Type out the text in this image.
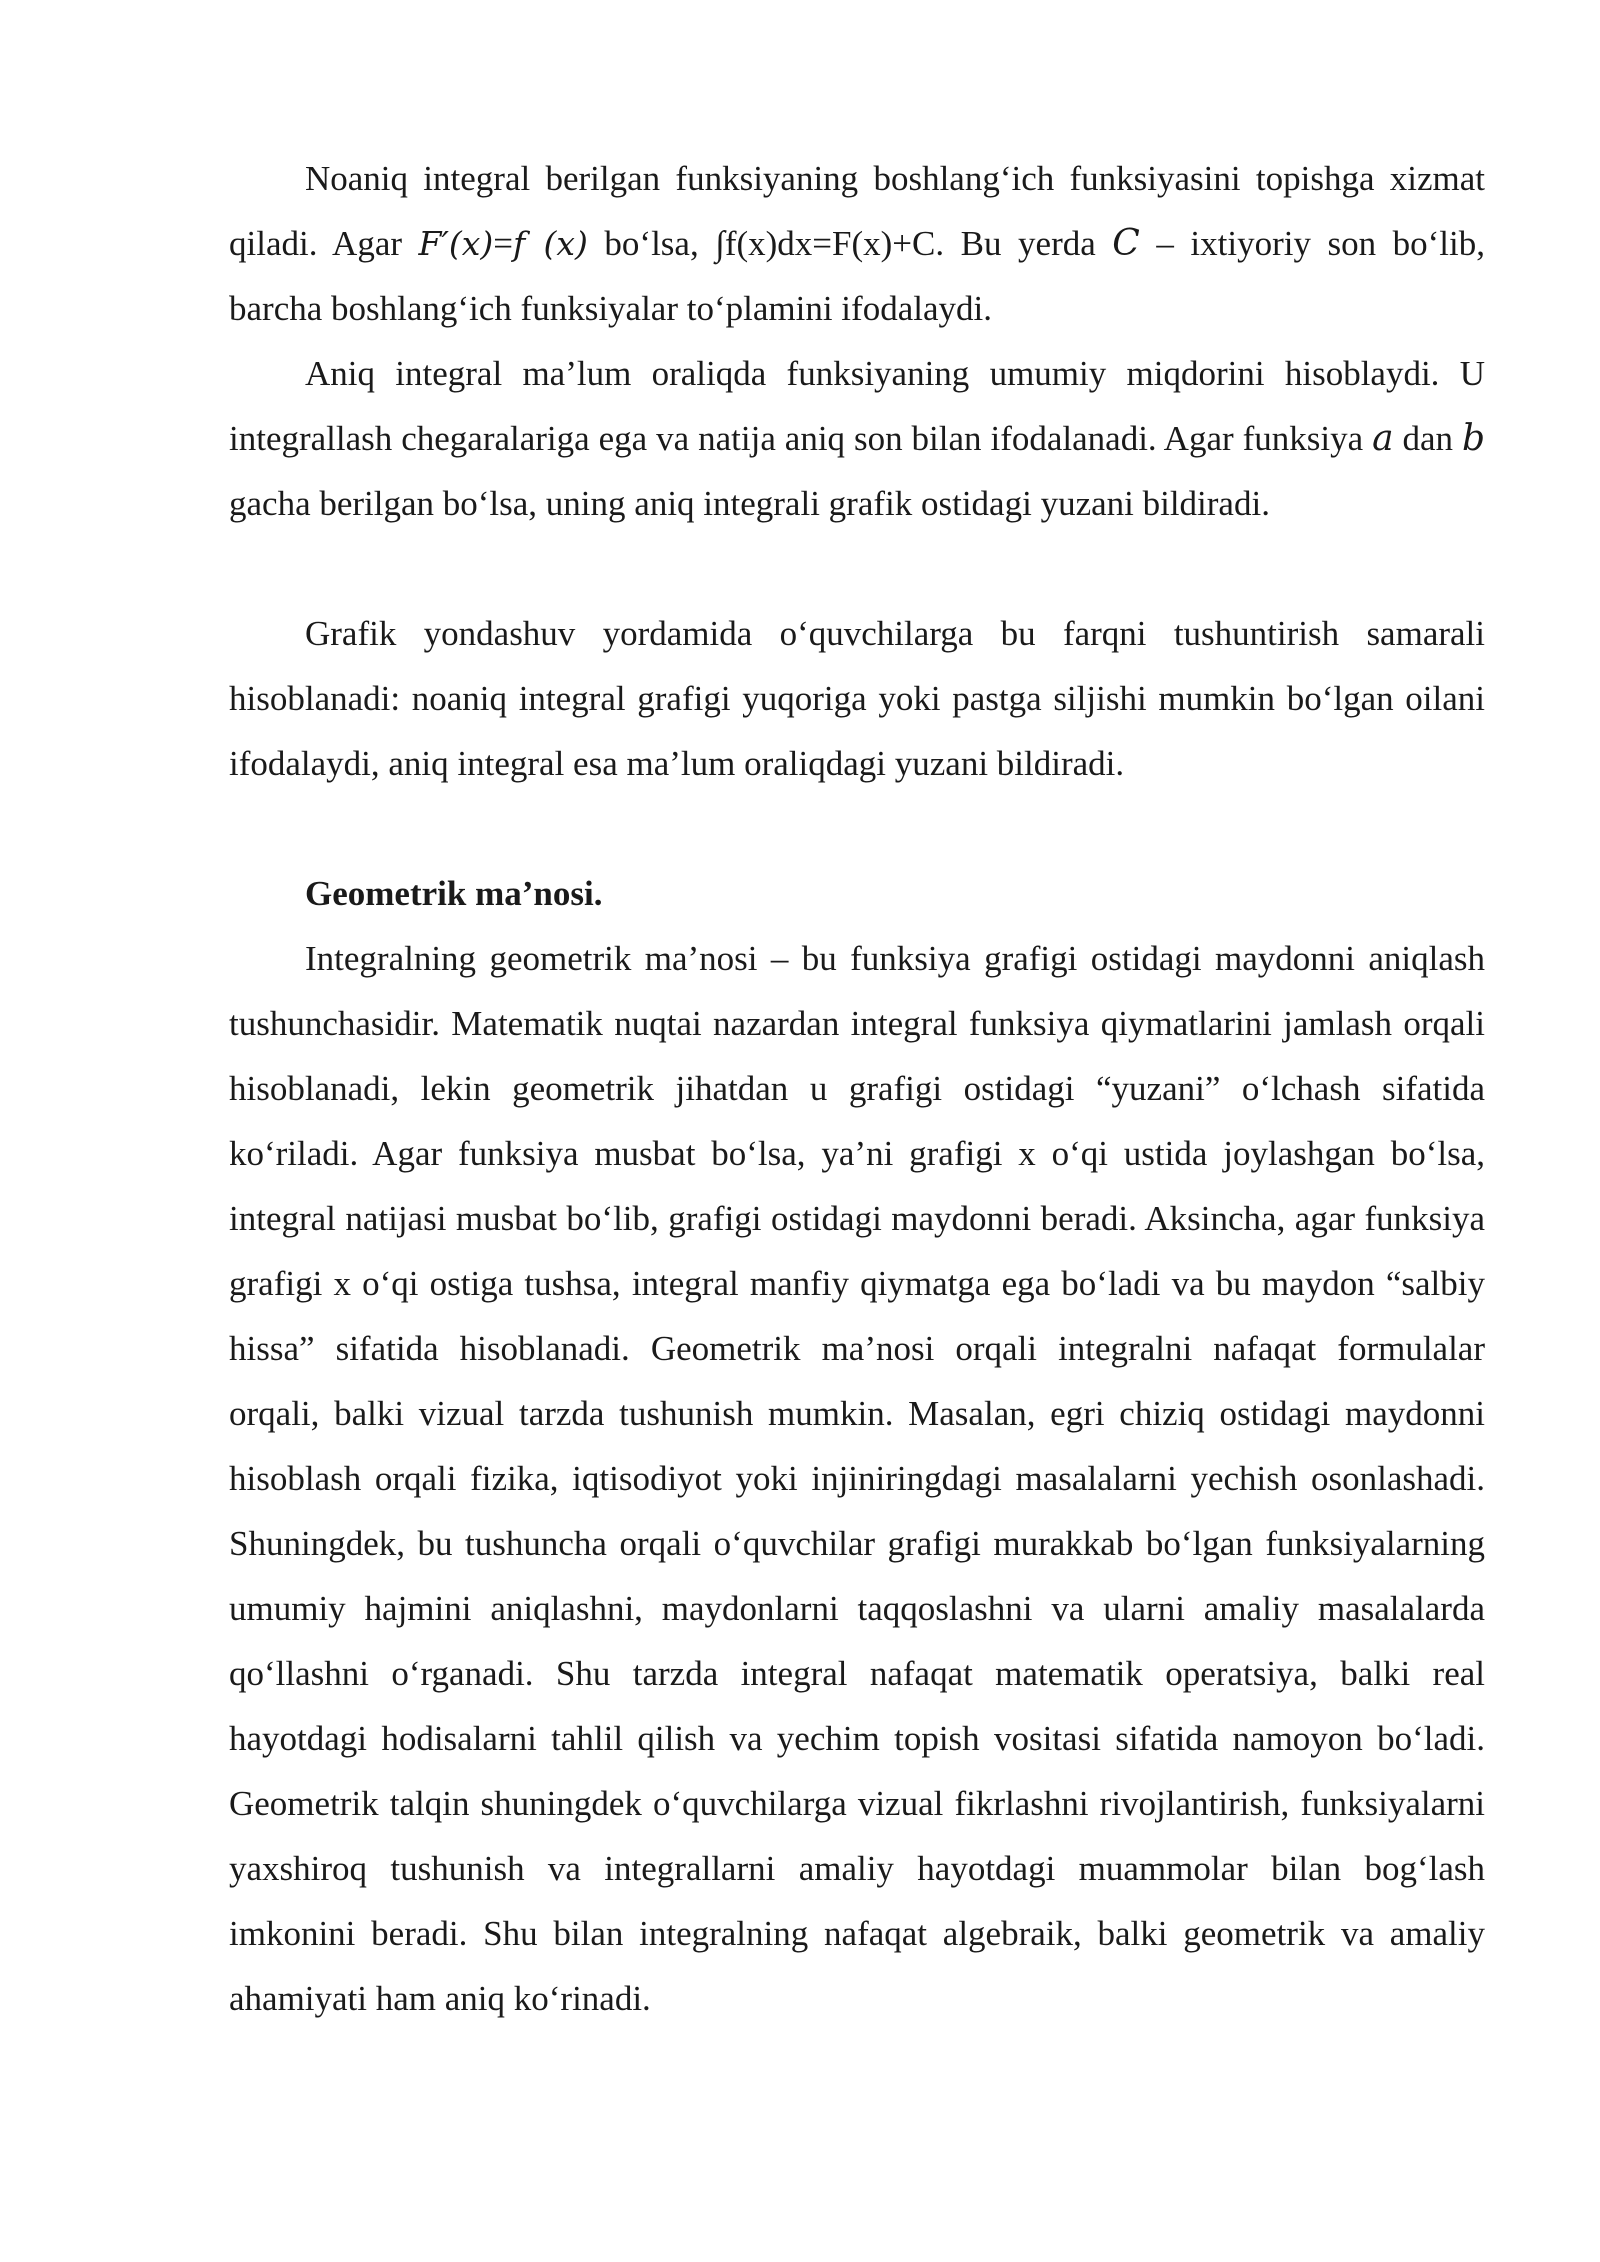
Noaniq integral berilgan funksiyaning boshlang‘ich funksiyasini topishga xizmat qiladi. Agar F′(x)=f (x) bo‘lsa, ∫f(x)dx=F(x)+C. Bu yerda C – ixtiyoriy son bo‘lib, barcha boshlang‘ich funksiyalar to‘plamini ifodalaydi.

Aniq integral ma’lum oraliqda funksiyaning umumiy miqdorini hisoblaydi. U integrallash chegaralariga ega va natija aniq son bilan ifodalanadi. Agar funksiya a dan b gacha berilgan bo‘lsa, uning aniq integrali grafik ostidagi yuzani bildiradi.

Grafik yondashuv yordamida o‘quvchilarga bu farqni tushuntirish samarali hisoblanadi: noaniq integral grafigi yuqoriga yoki pastga siljishi mumkin bo‘lgan oilani ifodalaydi, aniq integral esa ma’lum oraliqdagi yuzani bildiradi.

Geometrik ma’nosi.

Integralning geometrik ma’nosi – bu funksiya grafigi ostidagi maydonni aniqlash tushunchasidir. Matematik nuqtai nazardan integral funksiya qiymatlarini jamlash orqali hisoblanadi, lekin geometrik jihatdan u grafigi ostidagi “yuzani” o‘lchash sifatida ko‘riladi. Agar funksiya musbat bo‘lsa, ya’ni grafigi x o‘qi ustida joylashgan bo‘lsa, integral natijasi musbat bo‘lib, grafigi ostidagi maydonni beradi. Aksincha, agar funksiya grafigi x o‘qi ostiga tushsa, integral manfiy qiymatga ega bo‘ladi va bu maydon “salbiy hissa” sifatida hisoblanadi. Geometrik ma’nosi orqali integralni nafaqat formulalar orqali, balki vizual tarzda tushunish mumkin. Masalan, egri chiziq ostidagi maydonni hisoblash orqali fizika, iqtisodiyot yoki injiniringdagi masalalarni yechish osonlashadi. Shuningdek, bu tushuncha orqali o‘quvchilar grafigi murakkab bo‘lgan funksiyalarning umumiy hajmini aniqlashni, maydonlarni taqqoslashni va ularni amaliy masalalarda qo‘llashni o‘rganadi. Shu tarzda integral nafaqat matematik operatsiya, balki real hayotdagi hodisalarni tahlil qilish va yechim topish vositasi sifatida namoyon bo‘ladi. Geometrik talqin shuningdek o‘quvchilarga vizual fikrlashni rivojlantirish, funksiyalarni yaxshiroq tushunish va integrallarni amaliy hayotdagi muammolar bilan bog‘lash imkonini beradi. Shu bilan integralning nafaqat algebraik, balki geometrik va amaliy ahamiyati ham aniq ko‘rinadi.
